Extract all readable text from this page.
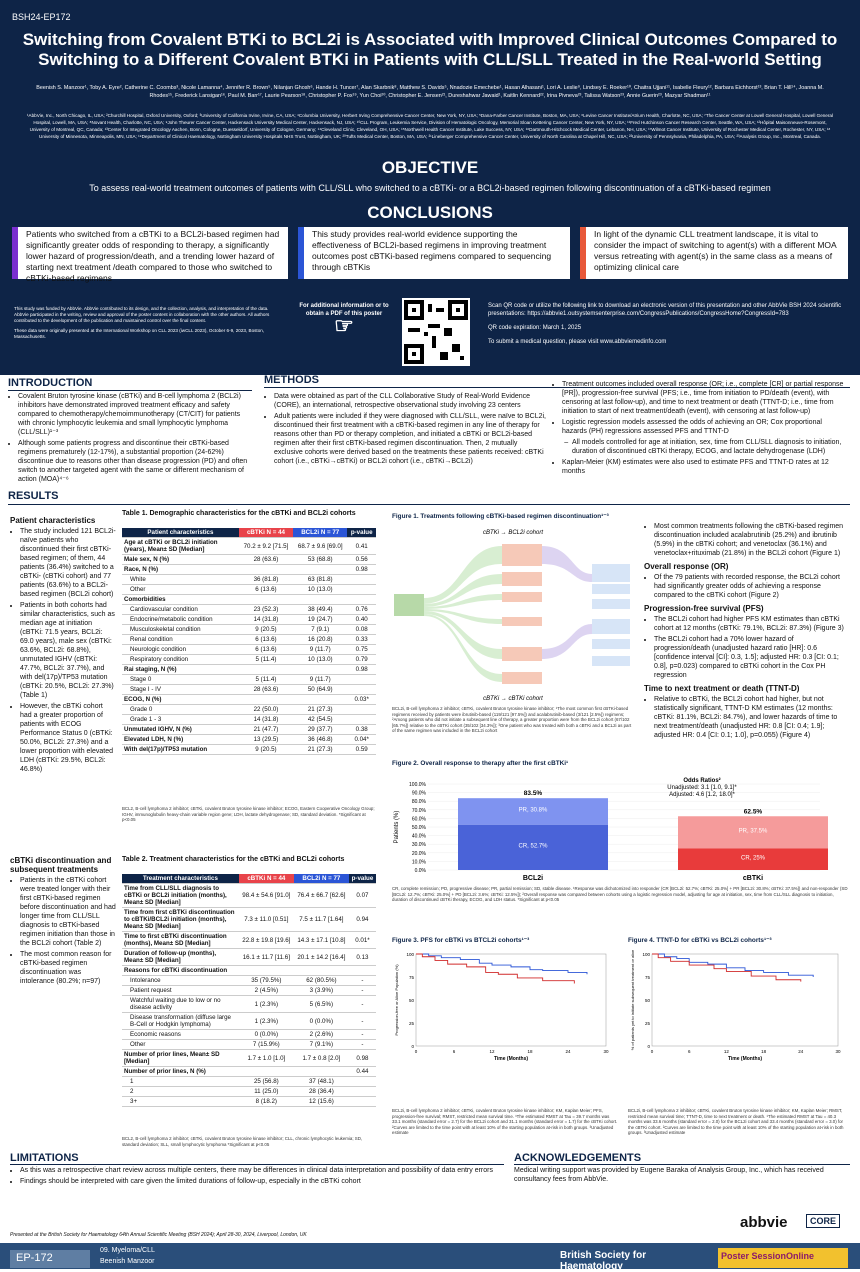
BSH24-EP172
Switching from Covalent BTKi to BCL2i is Associated with Improved Clinical Outcomes Compared to Switching to a Different Covalent BTKi in Patients with CLL/SLL Treated in the Real-world Setting
Beenish S. Manzoor¹, Toby A. Eyre², Catherine C. Coombs³, Nicole Lamanna⁴, Jennifer R. Brown⁵, Nilanjan Ghosh⁶, Hande H. Tuncer⁷, Alan Skarbnik⁸, Matthew S. Davids⁵, Nnadozie Emechebe¹, Hasan Alhasani¹, Lori A. Leslie⁹, Lindsey E. Roeker¹⁰, Chaitra Ujjani¹¹, Isabelle Fleury¹², Barbara Eichhorst¹³, Brian T. Hill¹⁴, Joanna M. Rhodes¹⁵, Frederick Lansigan¹⁶, Paul M. Barr¹⁷, Laurie Pearson¹⁸, Christopher P. Fox¹⁹, Yun Choi²⁰, Christopher E. Jensen²¹, Dureshahwar Jawaid¹, Kaitlin Kennard²², Irina Pivneva²³, Talissa Watson²³, Annie Guerin²³, Mazyar Shadman¹¹
¹AbbVie, Inc., North Chicago, IL, USA; ²Churchill Hospital, Oxford University, Oxford; ³University of California Irvine, Irvine, CA, USA; ⁴Columbia University, Herbert Irving Comprehensive Cancer Center, New York, NY, USA; ⁵Dana-Farber Cancer Institute, Boston, MA, USA; ⁶Levine Cancer Institute/Atrium Health, Charlotte, NC, USA; ⁷The Cancer Center at Lowell General Hospital, Lowell General Hospital, Lowell, MA, USA; ⁸Novant Health, Charlotte, NC, USA; ⁹John Theurer Cancer Center, Hackensack University Medical Center, Hackensack, NJ, USA; ¹⁰CLL Program, Leukemia Service, Division of Hematologic Oncology, Memorial Sloan Kettering Cancer Center, New York, NY, USA; ¹¹Fred Hutchinson Cancer Research Center, Seattle, WA, USA; ¹²Hôpital Maisonneuve-Rosemont, University of Montreal, QC, Canada; ¹³Center for Integrated Oncology Aachen, Bonn, Cologne, Duesseldorf, University of Cologne, Germany; ¹⁴Cleveland Clinic, Cleveland, OH, USA; ¹⁵Northwell Health Cancer Institute, Lake Success, NY, USA; ¹⁶Dartmouth-Hitchcock Medical Center, Lebanon, NH, USA; ¹⁷Wilmot Cancer Institute, University of Rochester Medical Center, Rochester, NY, USA; ¹⁸ University of Minnesota, Minneapolis, MN, USA; ¹⁹Department of Clinical Haematology, Nottingham University Hospitals NHS Trust, Nottingham, UK; ²⁰Tufts Medical Center, Boston, MA, USA; ²¹Lineberger Comprehensive Cancer Center, University of North Carolina at Chapel Hill, NC, USA; ²²University of Pennsylvania, Philadelphia, PA, USA; ²³Analysis Group, Inc., Montreal, Canada.
OBJECTIVE
To assess real-world treatment outcomes of patients with CLL/SLL who switched to a cBTKi- or a BCL2i-based regimen following discontinuation of a cBTKi-based regimen
CONCLUSIONS
Patients who switched from a cBTKi to a BCL2i-based regimen had significantly greater odds of responding to therapy, a significantly lower hazard of progression/death, and a trending lower hazard of starting next treatment /death compared to those who switched to cBTKi-based regimens
This study provides real-world evidence supporting the effectiveness of BCL2i-based regimens in improving treatment outcomes post cBTKi-based regimens compared to sequencing through cBTKis
In light of the dynamic CLL treatment landscape, it is vital to consider the impact of switching to agent(s) with a different MOA versus retreating with agent(s) in the same class as a means of optimizing clinical care
This study was funded by AbbVie. AbbVie contributed to its design, and the collection, analysis, and interpretation of the data. AbbVie participated in the writing, review and approval of the poster content in collaboration with the other authors. All authors contributed to the development of the publication and maintained control over the final content.
These data were originally presented at the International Workshop on CLL 2023 (iwCLL 2023), October 6-9, 2023, Boston, Massachusetts.
For additional information or to obtain a PDF of this poster
☞
Scan QR code or utilize the following link to download an electronic version of this presentation and other AbbVie BSH 2024 scientific presentations: https://abbvie1.outsystemsenterprise.com/CongressPublications/CongressHome?CongressId=783
QR code expiration: March 1, 2025
To submit a medical question, please visit www.abbviemedinfo.com
INTRODUCTION
• Covalent Bruton tyrosine kinase (cBTKi) and B-cell lymphoma 2 (BCL2i) inhibitors have demonstrated improved treatment efficacy and safety compared to chemotherapy/chemoimmunotherapy (CT/CIT) for patients with chronic lymphocytic leukemia and small lymphocytic lymphoma (CLL/SLL)¹⁻³
• Although some patients progress and discontinue their cBTKi-based regimens prematurely (12-17%), a substantial proportion (24-62%) discontinue due to reasons other than disease progression (PD) and often switch to another targeted agent with the same or different mechanism of action (MOA)⁴⁻⁶
METHODS
• Data were obtained as part of the CLL Collaborative Study of Real-World Evidence (CORE), an international, retrospective observational study involving 23 centers
• Adult patients were included if they were diagnosed with CLL/SLL, were naïve to BCL2i, discontinued their first treatment with a cBTKi-based regimen in any line of therapy for reasons other than PD or therapy completion, and initiated a cBTKi or BCL2i-based regimen after their first cBTKi-based regimen discontinuation. Then, 2 mutually exclusive cohorts were derived based on the treatments these patients received: cBTKi cohort (i.e., cBTKi→cBTKi) or BCL2i cohort (i.e., cBTKi→BCL2i)
• Treatment outcomes included overall response (OR; i.e., complete [CR] or partial response [PR]), progression-free survival (PFS; i.e., time from initiation to PD/death (event), with censoring at last follow-up), and time to next treatment or death (TTNT-D; i.e., time from initiation to start of next treatment/death (event), with censoring at last follow-up)
• Logistic regression models assessed the odds of achieving an OR; Cox proportional hazards (PH) regressions assessed PFS and TTNT-D
– All models controlled for age at initiation, sex, time from CLL/SLL diagnosis to initiation, duration of discontinued cBTKi therapy, ECOG, and lactate dehydrogenase (LDH)
• Kaplan-Meier (KM) estimates were also used to estimate PFS and TTNT-D rates at 12 months
RESULTS
Patient characteristics
• The study included 121 BCL2i-naïve patients who discontinued their first cBTKi-based regimen; of them, 44 patients (36.4%) switched to a cBTKi- (cBTKi cohort) and 77 patients (63.6%) to a BCL2i-based regimen (BCL2i cohort)
• Patients in both cohorts had similar characteristics, such as median age at initiation (cBTKi: 71.5 years, BCL2i: 69.0 years), male sex (cBTKi: 63.6%, BCL2i: 68.8%), unmutated IGHV (cBTKi: 47.7%, BCL2i: 37.7%), and with del(17p)/TP53 mutation (cBTKi: 20.5%, BCL2i: 27.3%) (Table 1)
• However, the cBTKi cohort had a greater proportion of patients with ECOG Performance Status 0 (cBTKi: 50.0%, BCL2i: 27.3%) and a lower proportion with elevated LDH (cBTKi: 29.5%, BCL2i: 46.8%)
cBTKi discontinuation and subsequent treatments
• Patients in the cBTKi cohort were treated longer with their first cBTKi-based regimen before discontinuation and had longer time from CLL/SLL diagnosis to cBTKi-based regimen initiation than those in the BCL2i cohort (Table 2)
• The most common reason for cBTKi-based regimen discontinuation was intolerance (80.2%; n=97)
Table 1. Demographic characteristics for the cBTKi and BCL2i cohorts
Patient characteristics	cBTKi N = 44	BCL2i N = 77	p-value
Age at cBTKi or BCL2i initiation (years), Mean± SD [Median]	70.2 ± 9.2 [71.5]	68.7 ± 9.6 [69.0]	0.41
Male sex, N (%)	28 (63.6)	53 (68.8)	0.56
Race, N (%)			0.98
White	36 (81.8)	63 (81.8)	
Other	6 (13.6)	10 (13.0)	
Comorbidities			
Cardiovascular condition	23 (52.3)	38 (49.4)	0.76
Endocrine/metabolic condition	14 (31.8)	19 (24.7)	0.40
Musculoskeletal condition	9 (20.5)	7 (9.1)	0.08
Renal condition	6 (13.6)	16 (20.8)	0.33
Neurologic condition	6 (13.6)	9 (11.7)	0.75
Respiratory condition	5 (11.4)	10 (13.0)	0.79
Rai staging, N (%)			0.98
Stage 0	5 (11.4)	9 (11.7)	
Stage I - IV	28 (63.6)	50 (64.9)	
ECOG, N (%)			0.03*
Grade 0	22 (50.0)	21 (27.3)	
Grade 1 - 3	14 (31.8)	42 (54.5)	
Unmutated IGHV, N (%)	21 (47.7)	29 (37.7)	0.38
Elevated LDH, N (%)	13 (29.5)	36 (46.8)	0.04*
With del(17p)/TP53 mutation	9 (20.5)	21 (27.3)	0.59
BCL2, B-cell lymphoma 2 inhibitor; cBTKi, covalent Bruton tyrosine kinase inhibitor; ECOG, Eastern Cooperative Oncology Group; IGHV, immunoglobulin heavy-chain variable region gene; LDH, lactate dehydrogenase; SD, standard deviation. *Significant at p<0.05
Table 2. Treatment characteristics for the cBTKi and BCL2i cohorts
Treatment characteristics	cBTKi N = 44	BCL2i N = 77	p-value
Time from CLL/SLL diagnosis to cBTKi or BCL2i initiation (months), Mean± SD [Median]	98.4 ± 54.6 [91.0]	76.4 ± 66.7 [62.6]	0.07
Time from first cBTKi discontinuation to cBTKi/BCL2i initiation (months), Mean± SD [Median]	7.3 ± 11.0 [0.51]	7.5 ± 11.7 [1.64]	0.94
Time to first cBTKi discontinuation (months), Mean± SD [Median]	22.8 ± 19.8 [19.6]	14.3 ± 17.1 [10.8]	0.01*
Duration of follow-up (months), Mean± SD [Median]	16.1 ± 11.7 [11.6]	20.1 ± 14.2 [16.4]	0.13
Reasons for cBTKi discontinuation			
Intolerance	35 (79.5%)	62 (80.5%)	-
Patient request	2 (4.5%)	3 (3.9%)	-
Watchful waiting due to low or no disease activity	1 (2.3%)	5 (6.5%)	-
Disease transformation (diffuse large B-Cell or Hodgkin lymphoma)	1 (2.3%)	0 (0.0%)	-
Economic reasons	0 (0.0%)	2 (2.6%)	-
Other	7 (15.9%)	7 (9.1%)	-
Number of prior lines, Mean± SD [Median]	1.7 ± 1.0 [1.0]	1.7 ± 0.8 [2.0]	0.98
Number of prior lines, N (%)			0.44
1	25 (56.8)	37 (48.1)	
2	11 (25.0)	28 (36.4)	
3+	8 (18.2)	12 (15.6)	
BCL2, B-cell lymphoma 2 inhibitor; cBTKi, covalent Bruton tyrosine kinase inhibitor; CLL, chronic lymphocytic leukemia; SD, standard deviation; SLL, small lymphocytic lymphoma *Significant at p<0.05
Figure 1. Treatments following cBTKi-based regimen discontinuation¹⁻³
cBTKi → BCL2i cohort
cBTKi → cBTKi cohort
BCL2i, B-cell lymphoma 2 inhibitor; cBTKi, covalent Bruton tyrosine kinase inhibitor; ¹The most common first cBTKi-based regimens received by patients were ibrutinib-based (119/121 [97.5%]) and acalabrutinib-based (3/121 [2.5%]) regimens; ²Among patients who did not initiate a subsequent line of therapy, a greater proportion were from the BCL2i cohort (67/102 [65.7%]) relative to the cBTKi cohort (35/102 [34.3%]); ³One patient who was treated with both a cBTKi and a BCL2i as part of the same regimen was included in the BCL2i cohort
• Most common treatments following the cBTKi-based regimen discontinuation included acalabrutinib (25.2%) and ibrutinib (5.9%) in the cBTKi cohort; and venetoclax (36.1%) and venetoclax+rituximab (21.8%) in the BCL2i cohort (Figure 1)
Overall response (OR)
• Of the 79 patients with recorded response, the BCL2i cohort had significantly greater odds of achieving a response compared to the cBTKi cohort (Figure 2)
Progression-free survival (PFS)
• The BCL2i cohort had higher PFS KM estimates than cBTKi cohort at 12 months (cBTKi: 79.1%, BCL2i: 87.3%) (Figure 3)
• The BCL2i cohort had a 70% lower hazard of progression/death (unadjusted hazard ratio [HR]: 0.6 [confidence interval [CI]: 0.3, 1.5]; adjusted HR: 0.3 [CI: 0.1; 0.8], p=0.023) compared to cBTKi cohort in the Cox PH regression
Time to next treatment or death (TTNT-D)
• Relative to cBTKi, the BCL2i cohort had higher, but not statistically significant, TTNT-D KM estimates (12 months: cBTKi: 81.1%, BCL2i: 84.7%), and lower hazards of time to next treatment/death (unadjusted HR: 0.8 [CI: 0.4; 1.9]; adjusted HR: 0.4 [CI: 0.1; 1.0], p=0.055) (Figure 4)
Figure 2. Overall response to therapy after the first cBTKi¹
0.0%
10.0%
20.0%
30.0%
40.0%
50.0%
60.0%
70.0%
80.0%
90.0%
100.0%
Patients (%)
CR, 52.7%
PR, 30.8%
83.5%
BCL2i
CR, 25%
PR, 37.5%
62.5%
cBTKi
Odds Ratios²
Unadjusted: 3.1 [1.0, 9.1]*
Adjusted: 4.6 [1.2, 18.0]*
CR, complete remission; PD, progressive disease; PR, partial remission; SD, stable disease. ¹Response was dichotomized into responder (CR [BCL2i: 52.7%; cBTKi: 25.0%] + PR [BCL2i: 30.8%; cBTKi: 37.5%]) and non-responder (SD [BCL2i: 12.7%; cBTKi: 25.0%] + PD [BCL2i: 3.6%; cBTKi: 12.5%]); ²Overall response was compared between cohorts using a logistic regression model, adjusting for age at initiation, sex, time from CLL/SLL diagnosis to initiation, duration of discontinued cBTKi therapy, ECOG, and LDH status. *Significant at p<0.05
Figure 3. PFS for cBTKi vs BTCL2i cohorts¹⁻³
0
25
50
75
100
0	6	12	18	24	30
Time (Months)
Progression-free or Alive Population (%)
BCL2i, B-cell lymphoma 2 inhibitor; cBTKi, covalent Bruton tyrosine kinase inhibitor; KM, Kaplan Meier; PFS, progression-free survival; RMST, restricted mean survival time. ¹The estimated RMST at Tau = 39.7 months was 33.1 months (standard error = 2.7) for the BCL2i cohort and 31.1 months (standard error = 1.7) for the cBTKi cohort. ²Curves are limited to the time point with at least 10% of the starting population at-risk in both groups. ³Unadjusted estimate
Figure 4. TTNT-D for cBTKi vs BCL2i cohorts¹⁻³
0
25
50
75
100
0	6	12	18	24	30
Time (Months)
% of patients yet to initiate subsequent treatment or alive
BCL2i, B-cell lymphoma 2 inhibitor; cBTKi, covalent Bruton tyrosine kinase inhibitor; KM, Kaplan Meier; RMST, restricted mean survival time; TTNT-D, time to next treatment or death. ¹The estimated RMST at Tau = 40.3 months was 33.6 months (standard error = 2.0) for the BCL2i cohort and 33.4 months (standard error = 3.0) for the cBTKi cohort. ²Curves are limited to the time point with at least 10% of the starting population at-risk in both groups. ³Unadjusted estimate
LIMITATIONS
• As this was a retrospective chart review across multiple centers, there may be differences in clinical data interpretation and possibility of data entry errors
• Findings should be interpreted with care given the limited durations of follow-up, especially in the cBTKi cohort
ACKNOWLEDGEMENTS
Medical writing support was provided by Eugene Baraka of Analysis Group, Inc., which has received consultancy fees from AbbVie.
abbvie	CORE
Presented at the British Society for Haematology 64th Annual Scientific Meeting (BSH 2024); April 28-30, 2024, Liverpool, London, UK
EP-172
09. Myeloma/CLL
Beenish Manzoor
British Society for Haematology
Poster SessionOnline
